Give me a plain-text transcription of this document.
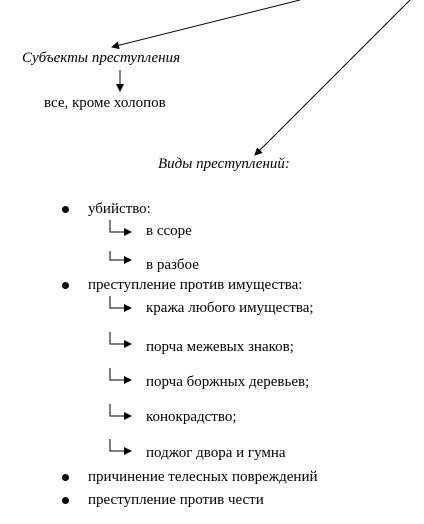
Субъекты преступления
все, кроме холопов
Виды преступлений:
убийство:
в ссоре
в разбое
преступление против имущества:
кража любого имущества;
порча межевых знаков;
порча боржных деревьев;
конокрадство;
поджог двора и гумна
причинение телесных повреждений
преступление против чести
